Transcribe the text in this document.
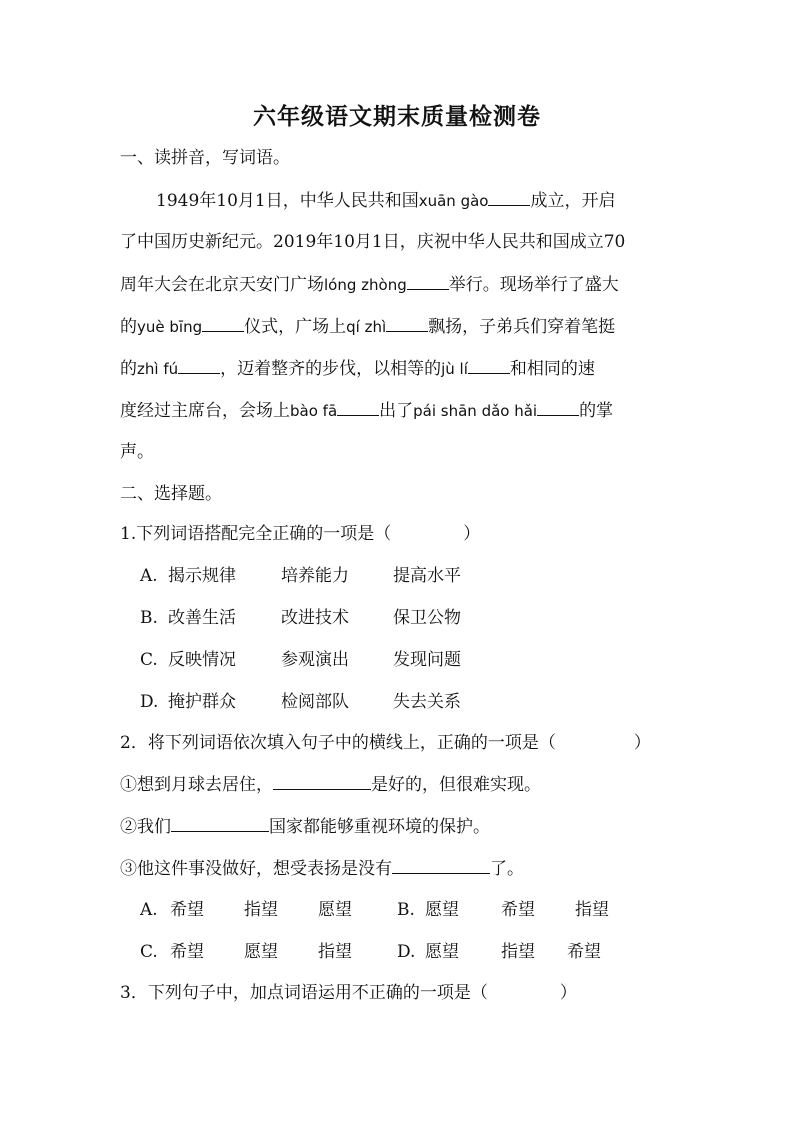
六年级语文期末质量检测卷
一、读拼音，写词语。
1949年10月1日，中华人民共和国xuān gào 成立，开启
了中国历史新纪元。2019年10月1日，庆祝中华人民共和国成立70
周年大会在北京天安门广场lóng zhòng 举行。现场举行了盛大
的yuè bīng 仪式，广场上qí zhì 飘扬，子弟兵们穿着笔挺
的zhì fú ，迈着整齐的步伐，以相等的jù lí 和相同的速
度经过主席台，会场上bào fā 出了pái shān dǎo hǎi 的掌
声。
二、选择题。
1.下列词语搭配完全正确的一项是（	）
A. 揭示规律	培养能力	提高水平
B. 改善生活	改进技术	保卫公物
C. 反映情况	参观演出	发现问题
D. 掩护群众	检阅部队	失去关系
2．将下列词语依次填入句子中的横线上，正确的一项是（	）
①想到月球去居住，	是好的，但很难实现。
②我们	国家都能够重视环境的保护。
③他这件事没做好，想受表扬是没有	了。
A. 希望 指望 愿望	B. 愿望 希望 指望
C. 希望 愿望 指望	D. 愿望 指望 希望
3．下列句子中，加点词语运用不正确的一项是（	）
